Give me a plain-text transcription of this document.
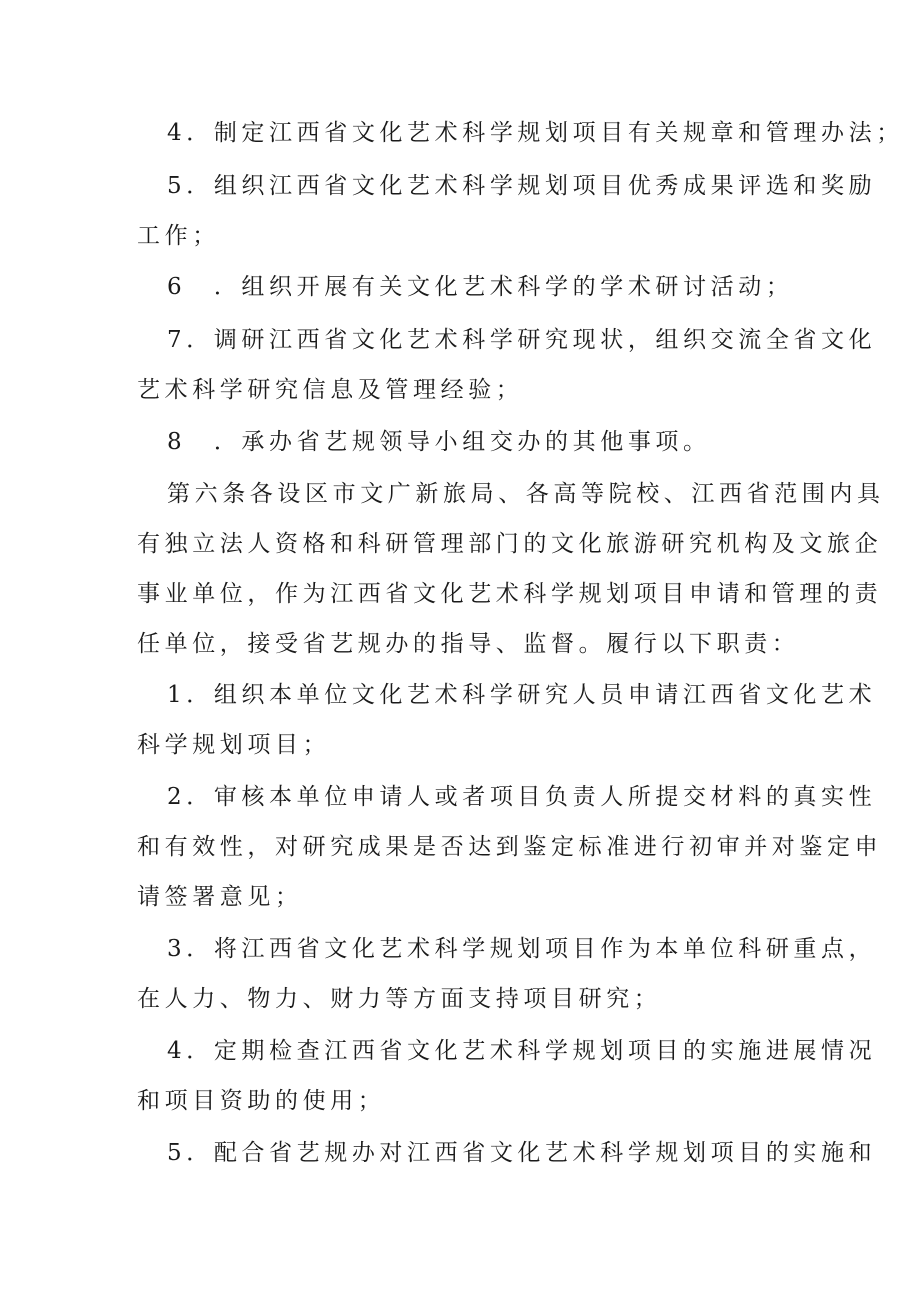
4．制定江西省文化艺术科学规划项目有关规章和管理办法；
5．组织江西省文化艺术科学规划项目优秀成果评选和奖励
工作；
6　．组织开展有关文化艺术科学的学术研讨活动；
7．调研江西省文化艺术科学研究现状，组织交流全省文化
艺术科学研究信息及管理经验；
8　．承办省艺规领导小组交办的其他事项。
第六条各设区市文广新旅局、各高等院校、江西省范围内具
有独立法人资格和科研管理部门的文化旅游研究机构及文旅企
事业单位，作为江西省文化艺术科学规划项目申请和管理的责
任单位，接受省艺规办的指导、监督。履行以下职责：
1．组织本单位文化艺术科学研究人员申请江西省文化艺术
科学规划项目；
2．审核本单位申请人或者项目负责人所提交材料的真实性
和有效性，对研究成果是否达到鉴定标准进行初审并对鉴定申
请签署意见；
3．将江西省文化艺术科学规划项目作为本单位科研重点，
在人力、物力、财力等方面支持项目研究；
4．定期检查江西省文化艺术科学规划项目的实施进展情况
和项目资助的使用；
5．配合省艺规办对江西省文化艺术科学规划项目的实施和
